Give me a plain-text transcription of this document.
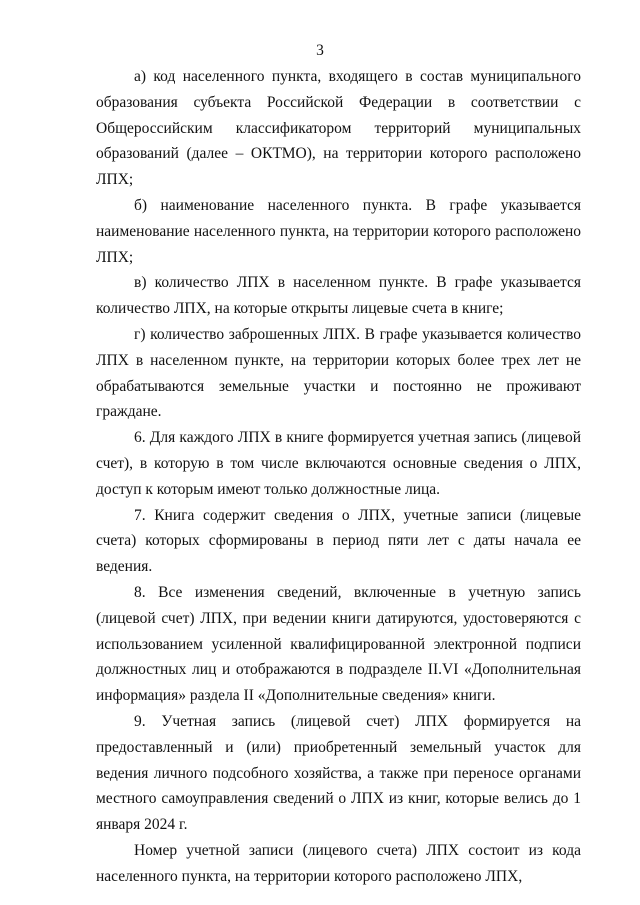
3

а) код населенного пункта, входящего в состав муниципального образования субъекта Российской Федерации в соответствии с Общероссийским классификатором территорий муниципальных образований (далее – ОКТМО), на территории которого расположено ЛПХ;

б) наименование населенного пункта. В графе указывается наименование населенного пункта, на территории которого расположено ЛПХ;

в) количество ЛПХ в населенном пункте. В графе указывается количество ЛПХ, на которые открыты лицевые счета в книге;

г) количество заброшенных ЛПХ. В графе указывается количество ЛПХ в населенном пункте, на территории которых более трех лет не обрабатываются земельные участки и постоянно не проживают граждане.

6. Для каждого ЛПХ в книге формируется учетная запись (лицевой счет), в которую в том числе включаются основные сведения о ЛПХ, доступ к которым имеют только должностные лица.

7. Книга содержит сведения о ЛПХ, учетные записи (лицевые счета) которых сформированы в период пяти лет с даты начала ее ведения.

8. Все изменения сведений, включенные в учетную запись (лицевой счет) ЛПХ, при ведении книги датируются, удостоверяются с использованием усиленной квалифицированной электронной подписи должностных лиц и отображаются в подразделе II.VI «Дополнительная информация» раздела II «Дополнительные сведения» книги.

9. Учетная запись (лицевой счет) ЛПХ формируется на предоставленный и (или) приобретенный земельный участок для ведения личного подсобного хозяйства, а также при переносе органами местного самоуправления сведений о ЛПХ из книг, которые велись до 1 января 2024 г.

Номер учетной записи (лицевого счета) ЛПХ состоит из кода населенного пункта, на территории которого расположено ЛПХ,
